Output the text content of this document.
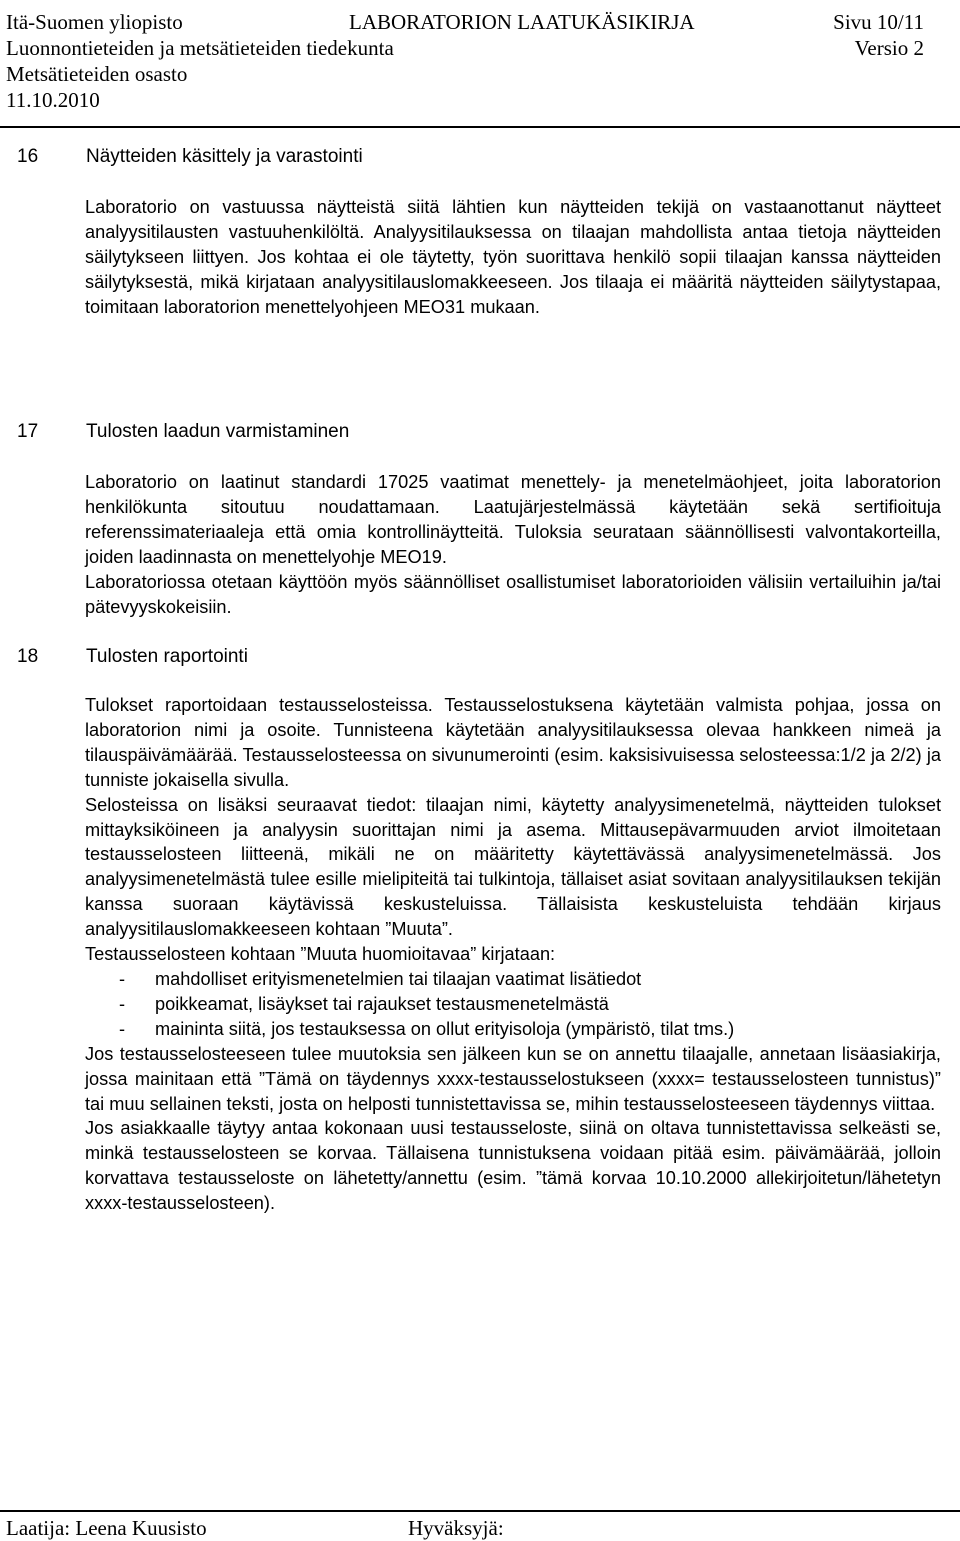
Itä-Suomen yliopisto	LABORATORION LAATUKÄSIKIRJA	Sivu 10/11
Luonnontieteiden ja metsätieteiden tiedekunta	Versio 2
Metsätieteiden osasto
11.10.2010
16	Näytteiden käsittely ja varastointi

Laboratorio on vastuussa näytteistä siitä lähtien kun näytteiden tekijä on vastaanottanut näytteet analyysitilausten vastuuhenkilöltä. Analyysitilauksessa on tilaajan mahdollista antaa tietoja näytteiden säilytykseen liittyen. Jos kohtaa ei ole täytetty, työn suorittava henkilö sopii tilaajan kanssa näytteiden säilytyksestä, mikä kirjataan analyysitilauslomakkeeseen. Jos tilaaja ei määritä näytteiden säilytystapaa, toimitaan laboratorion menettelyohjeen MEO31 mukaan.

17	Tulosten laadun varmistaminen

Laboratorio on laatinut standardi 17025 vaatimat menettely- ja menetelmäohjeet, joita laboratorion henkilökunta sitoutuu noudattamaan. Laatujärjestelmässä käytetään sekä sertifioituja referenssimateriaaleja että omia kontrollinäytteitä. Tuloksia seurataan säännöllisesti valvontakorteilla, joiden laadinnasta on menettelyohje MEO19.

Laboratoriossa otetaan käyttöön myös säännölliset osallistumiset laboratorioiden välisiin vertailuihin ja/tai pätevyyskokeisiin.

18	Tulosten raportointi

Tulokset raportoidaan testausselosteissa. Testausselostuksena käytetään valmista pohjaa, jossa on laboratorion nimi ja osoite. Tunnisteena käytetään analyysitilauksessa olevaa hankkeen nimeä ja tilauspäivämäärää. Testausselosteessa on sivunumerointi (esim. kaksisivuisessa selosteessa:1/2 ja 2/2) ja tunniste jokaisella sivulla.

Selosteissa on lisäksi seuraavat tiedot: tilaajan nimi, käytetty analyysimenetelmä, näytteiden tulokset mittayksiköineen ja analyysin suorittajan nimi ja asema. Mittausepävarmuuden arviot ilmoitetaan testausselosteen liitteenä, mikäli ne on määritetty käytettävässä analyysimenetelmässä. Jos analyysimenetelmästä tulee esille mielipiteitä tai tulkintoja, tällaiset asiat sovitaan analyysitilauksen tekijän kanssa suoraan käytävissä keskusteluissa. Tällaisista keskusteluista tehdään kirjaus analyysitilauslomakkeeseen kohtaan ”Muuta”.

Testausselosteen kohtaan ”Muuta huomioitavaa” kirjataan:

- mahdolliset erityismenetelmien tai tilaajan vaatimat lisätiedot
- poikkeamat, lisäykset tai rajaukset testausmenetelmästä
- maininta siitä, jos testauksessa on ollut erityisoloja (ympäristö, tilat tms.)

Jos testausselosteeseen tulee muutoksia sen jälkeen kun se on annettu tilaajalle, annetaan lisäasiakirja, jossa mainitaan että ”Tämä on täydennys xxxx-testausselostukseen (xxxx= testausselosteen tunnistus)” tai muu sellainen teksti, josta on helposti tunnistettavissa se, mihin testausselosteeseen täydennys viittaa.

Jos asiakkaalle täytyy antaa kokonaan uusi testausseloste, siinä on oltava tunnistettavissa selkeästi se, minkä testausselosteen se korvaa. Tällaisena tunnistuksena voidaan pitää esim. päivämäärää, jolloin korvattava testausseloste on lähetetty/annettu (esim. ”tämä korvaa 10.10.2000 allekirjoitetun/lähetetyn xxxx-testausselosteen).

Laatija: Leena Kuusisto	Hyväksyjä:
